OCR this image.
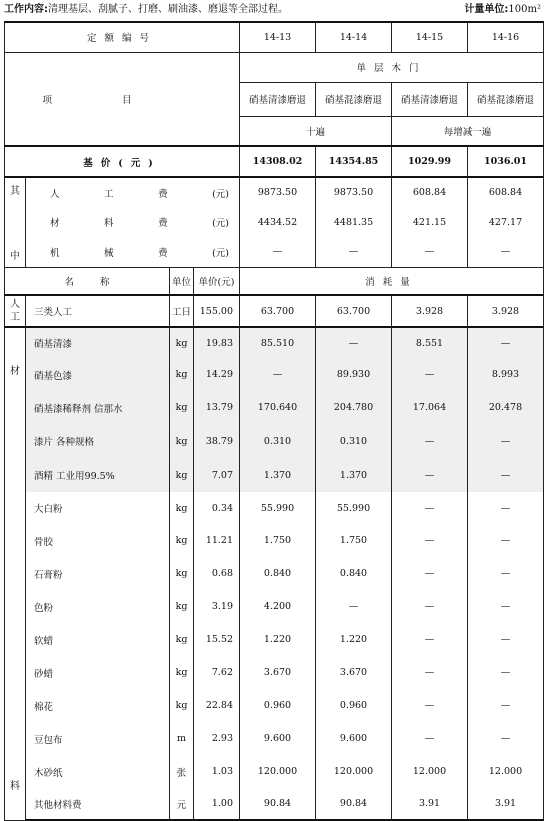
工作内容:清理基层、刮腻子、打磨、刷油漆、磨退等全部过程。	计量单位:100m²
定额编号				14-13	14-14	14-15	14-16
项目				单层木门			
				硝基清漆磨退	硝基混漆磨退	硝基清漆磨退	硝基混漆磨退
				十遍		每增减一遍	
基价(元)				14308.02	14354.85	1029.99	1036.01

其
中	人 工 费 (元)			9873.50	9873.50	608.84	608.84

	材 料 费 (元)			4434.52	4481.35	421.15	427.17

	机 械 费 (元)			—	—	—	—
名 称		单位	单价(元)	消耗量			
人
工	三类人工	工日	155.00	63.700	63.700	3.928	3.928

材
料	硝基清漆	kg	19.83	85.510	—	8.551	—
	硝基色漆	kg	14.29	—	89.930	—	8.993
	硝基漆稀释剂 信那水	kg	13.79	170.640	204.780	17.064	20.478
	漆片 各种规格	kg	38.79	0.310	0.310	—	—
	酒精 工业用99.5%	kg	7.07	1.370	1.370	—	—
	大白粉	kg	0.34	55.990	55.990	—	—
	骨胶	kg	11.21	1.750	1.750	—	—
	石膏粉	kg	0.68	0.840	0.840	—	—
	色粉	kg	3.19	4.200	—	—	—
	软蜡	kg	15.52	1.220	1.220	—	—
	砂蜡	kg	7.62	3.670	3.670	—	—
	棉花	kg	22.84	0.960	0.960	—	—
	豆包布	m	2.93	9.600	9.600	—	—
	木砂纸	张	1.03	120.000	120.000	12.000	12.000
	其他材料费	元	1.00	90.84	90.84	3.91	3.91
